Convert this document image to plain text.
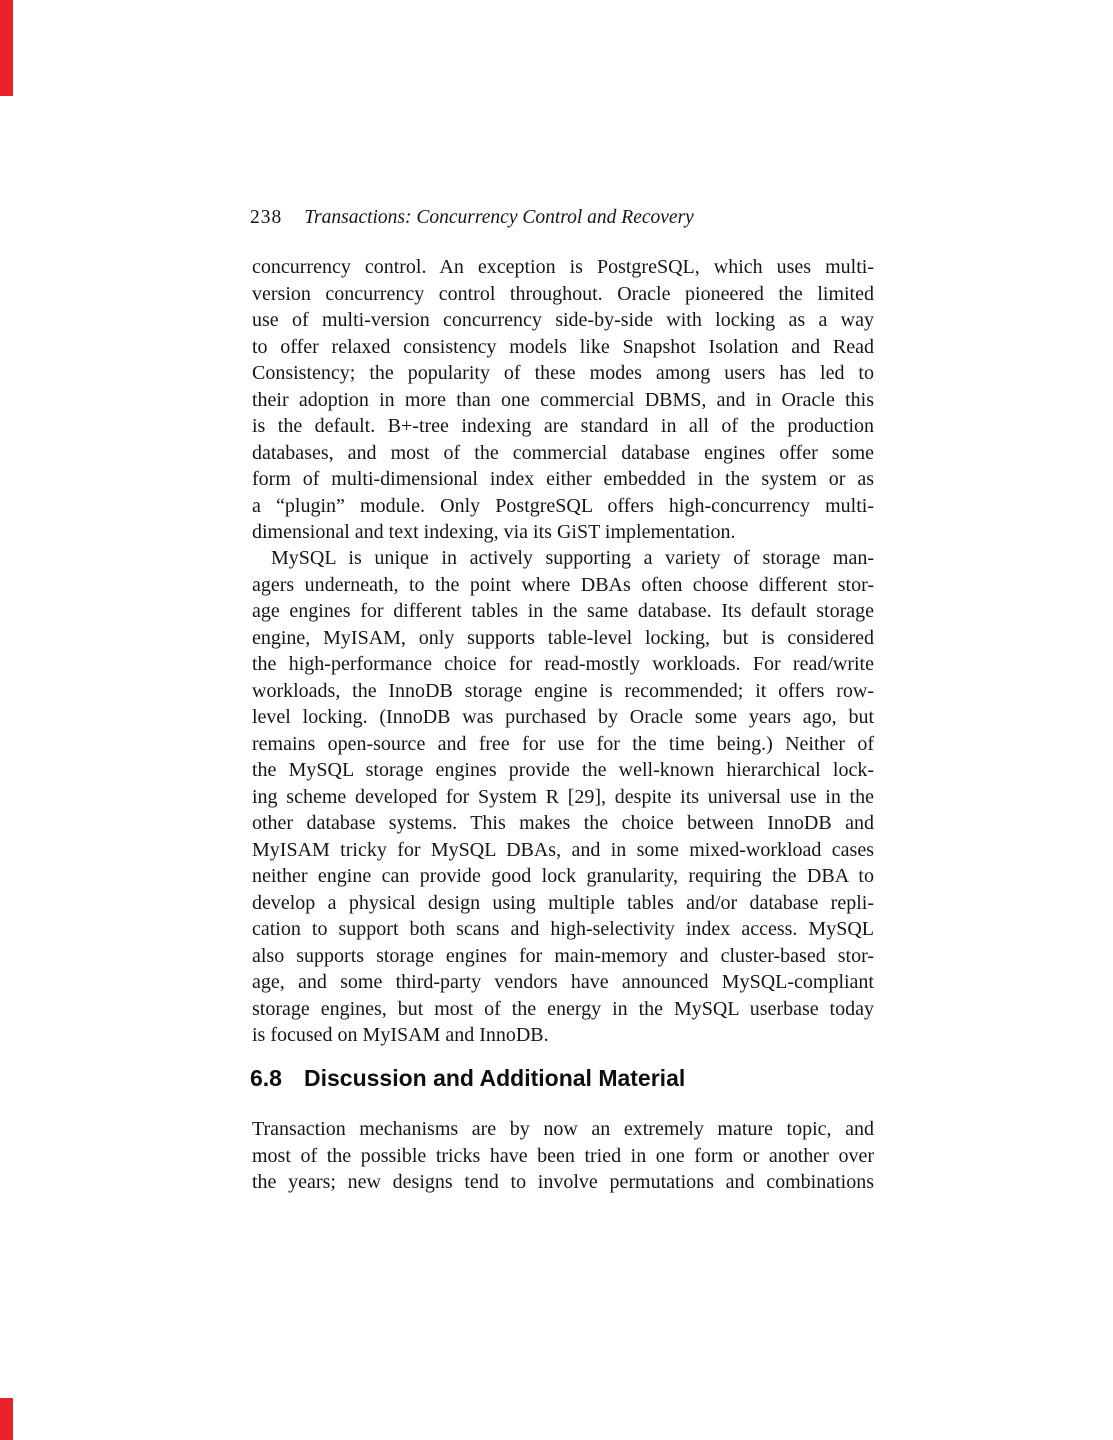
238 Transactions: Concurrency Control and Recovery
concurrency control. An exception is PostgreSQL, which uses multi-
version concurrency control throughout. Oracle pioneered the limited
use of multi-version concurrency side-by-side with locking as a way
to offer relaxed consistency models like Snapshot Isolation and Read
Consistency; the popularity of these modes among users has led to
their adoption in more than one commercial DBMS, and in Oracle this
is the default. B+-tree indexing are standard in all of the production
databases, and most of the commercial database engines offer some
form of multi-dimensional index either embedded in the system or as
a “plugin” module. Only PostgreSQL offers high-concurrency multi-
dimensional and text indexing, via its GiST implementation.
MySQL is unique in actively supporting a variety of storage man-
agers underneath, to the point where DBAs often choose different stor-
age engines for different tables in the same database. Its default storage
engine, MyISAM, only supports table-level locking, but is considered
the high-performance choice for read-mostly workloads. For read/write
workloads, the InnoDB storage engine is recommended; it offers row-
level locking. (InnoDB was purchased by Oracle some years ago, but
remains open-source and free for use for the time being.) Neither of
the MySQL storage engines provide the well-known hierarchical lock-
ing scheme developed for System R [29], despite its universal use in the
other database systems. This makes the choice between InnoDB and
MyISAM tricky for MySQL DBAs, and in some mixed-workload cases
neither engine can provide good lock granularity, requiring the DBA to
develop a physical design using multiple tables and/or database repli-
cation to support both scans and high-selectivity index access. MySQL
also supports storage engines for main-memory and cluster-based stor-
age, and some third-party vendors have announced MySQL-compliant
storage engines, but most of the energy in the MySQL userbase today
is focused on MyISAM and InnoDB.
6.8 Discussion and Additional Material
Transaction mechanisms are by now an extremely mature topic, and
most of the possible tricks have been tried in one form or another over
the years; new designs tend to involve permutations and combinations
